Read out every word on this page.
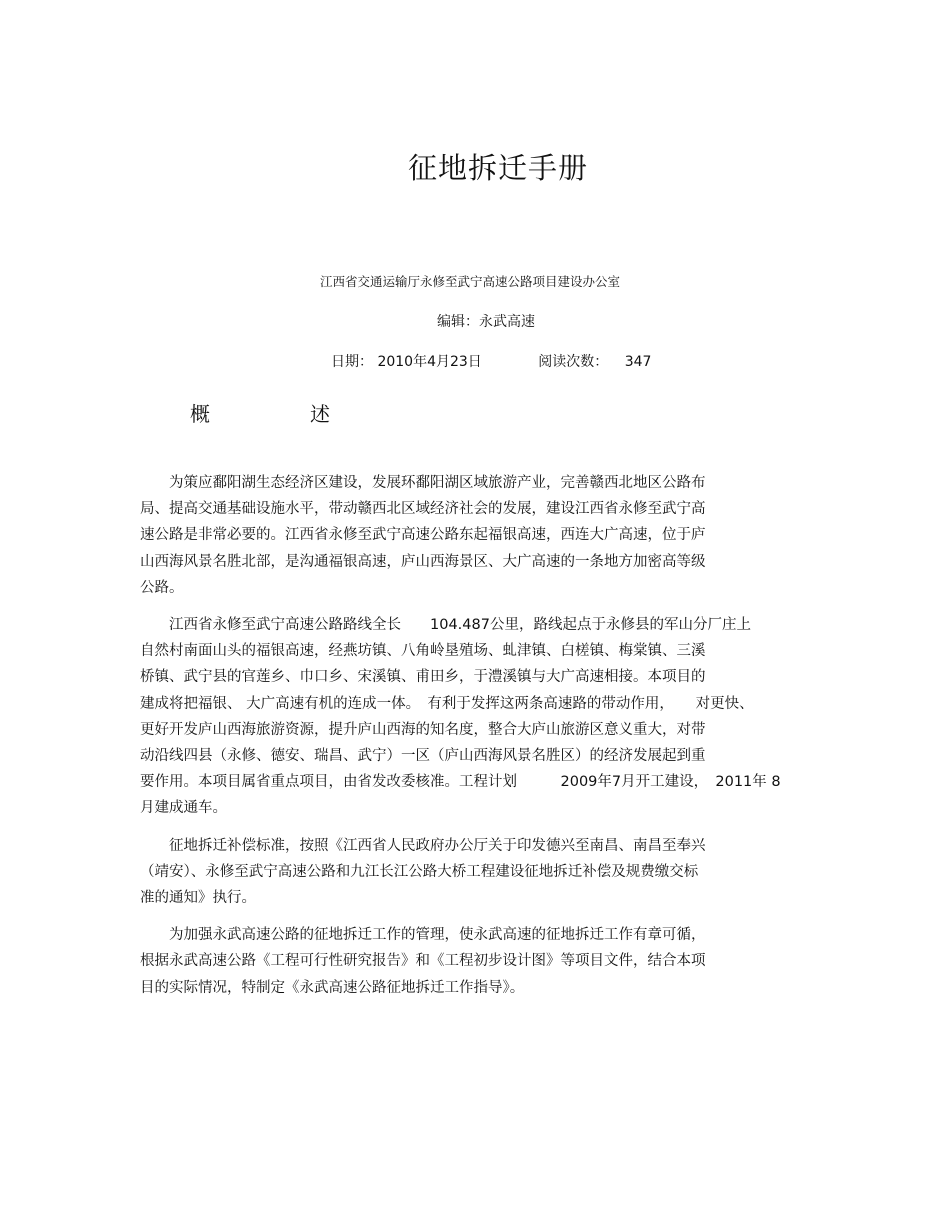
征地拆迁手册
江西省交通运输厅永修至武宁高速公路项目建设办公室
编辑：永武高速
日期： 2010年4月23日	阅读次数： 347
概	述
　　为策应鄱阳湖生态经济区建设，发展环鄱阳湖区域旅游产业，完善赣西北地区公路布
局、提高交通基础设施水平，带动赣西北区域经济社会的发展，建设江西省永修至武宁高
速公路是非常必要的。江西省永修至武宁高速公路东起福银高速，西连大广高速，位于庐
山西海风景名胜北部，是沟通福银高速，庐山西海景区、大广高速的一条地方加密高等级
公路。
　　江西省永修至武宁高速公路路线全长　　104.487公里，路线起点于永修县的军山分厂庄上
自然村南面山头的福银高速，经燕坊镇、八角岭垦殖场、虬津镇、白槎镇、梅棠镇、三溪
桥镇、武宁县的官莲乡、巾口乡、宋溪镇、甫田乡，于澧溪镇与大广高速相接。本项目的
建成将把福银、 大广高速有机的连成一体。　有利于发挥这两条高速路的带动作用，　　对更快、
更好开发庐山西海旅游资源，提升庐山西海的知名度，整合大庐山旅游区意义重大，对带
动沿线四县（永修、德安、瑞昌、武宁）一区（庐山西海风景名胜区）的经济发展起到重
要作用。本项目属省重点项目，由省发改委核准。工程计划　　　2009年7月开工建设，　2011年 8
月建成通车。
　　征地拆迁补偿标准，按照《江西省人民政府办公厅关于印发德兴至南昌、南昌至奉兴
（靖安）、永修至武宁高速公路和九江长江公路大桥工程建设征地拆迁补偿及规费缴交标
准的通知》执行。
　　为加强永武高速公路的征地拆迁工作的管理，使永武高速的征地拆迁工作有章可循，
根据永武高速公路《工程可行性研究报告》和《工程初步设计图》等项目文件，结合本项
目的实际情况，特制定《永武高速公路征地拆迁工作指导》。
